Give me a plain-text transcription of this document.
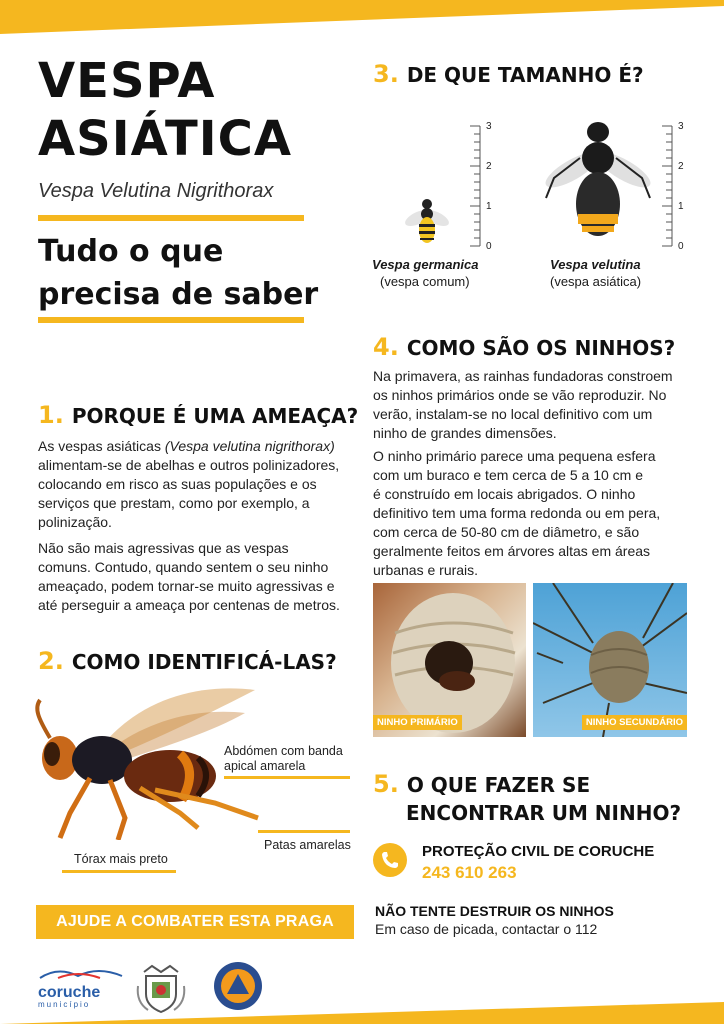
VESPA
ASIÁTICA
Vespa Velutina Nigrithorax
Tudo o que
precisa de saber
1. PORQUE É UMA AMEAÇA?
As vespas asiáticas (Vespa velutina nigrithorax)
alimentam-se de abelhas e outros polinizadores,
colocando em risco as suas populações e os
serviços que prestam, como por exemplo, a
polinização.
Não são mais agressivas que as vespas
comuns. Contudo, quando sentem o seu ninho
ameaçado, podem tornar-se muito agressivas e
até perseguir a ameaça por centenas de metros.
2. COMO IDENTIFICÁ-LAS?
Abdómen com banda
apical amarela
Patas amarelas
Tórax mais preto
AJUDE A COMBATER ESTA PRAGA
3. DE QUE TAMANHO É?
3
2
1
0
3
2
1
0
Vespa germanica
(vespa comum)
Vespa velutina
(vespa asiática)
4. COMO SÃO OS NINHOS?
Na primavera, as rainhas fundadoras constroem
os ninhos primários onde se vão reproduzir. No
verão, instalam-se no local definitivo com um
ninho de grandes dimensões.
O ninho primário parece uma pequena esfera
com um buraco e tem cerca de 5 a 10 cm e
é construído em locais abrigados. O ninho
definitivo tem uma forma redonda ou em pera,
com cerca de 50-80 cm de diâmetro, e são
geralmente feitos em árvores altas em áreas
urbanas e rurais.
NINHO PRIMÁRIO	NINHO SECUNDÁRIO
5. O QUE FAZER SE
ENCONTRAR UM NINHO?
PROTEÇÃO CIVIL DE CORUCHE
243 610 263
NÃO TENTE DESTRUIR OS NINHOS
Em caso de picada, contactar o 112
coruche
município
